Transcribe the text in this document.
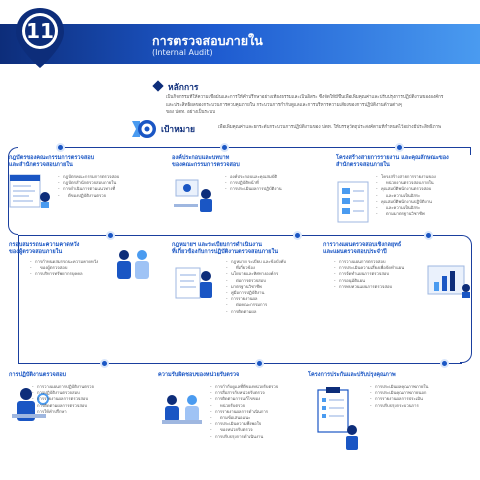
11	การตรวจสอบภายใน
(Internal Audit)
หลักการ
เป็นกิจกรรมที่ให้ความเชื่อมั่นและการให้คำปรึกษาอย่างเที่ยงธรรมและเป็นอิสระ ซึ่งจัดให้มีขึ้นเพื่อเพิ่มคุณค่าและปรับปรุงการปฏิบัติงานขององค์กร
และประสิทธิผลของกระบวนการควบคุมภายใน กระบวนการกำกับดูแลและการบริหารความเสี่ยงของการปฏิบัติงานด้านต่างๆ
ของ ปตท. อย่างเป็นระบบ
เป้าหมาย	เพื่อเพิ่มคุณค่าและยกระดับกระบวนการปฏิบัติงานของ ปตท. ให้บรรลุวัตถุประสงค์ตามที่กำหนดไว้อย่างมีประสิทธิภาพ
กฎบัตรของคณะกรรมการตรวจสอบ
และสำนักตรวจสอบภายใน
- กฎบัตรคณะกรรมการตรวจสอบ
- กฎบัตรสำนักตรวจสอบภายใน
- การดำเนินการตามแนวทางที่
- ดีของปฏิบัติงานตรวจ
องค์ประกอบและบทบาท
ของคณะกรรมการตรวจสอบ
- องค์ประกอบและคุณสมบัติ
- การปฏิบัติหน้าที่
- การประเมินผลการปฏิบัติงาน
โครงสร้างสายการรายงาน และคุณลักษณะของ
สำนักตรวจสอบภายใน
- โครงสร้างสายการรายงานของ
- หน่วยงานตรวจสอบภายใน
- คุณสมบัติพนักงานตรวจสอบ
- และความเป็นอิสระ
- คุณสมบัติพนักงานปฏิบัติงาน
- และความเป็นอิสระ
- ตามมาตรฐานวิชาชีพ
กรอบสมรรถนะความคาดหวัง
ของผู้ตรวจสอบภายใน
- การกำหนดสมรรถนะความคาดหวัง
- ของผู้ตรวจสอบ
- การบริหารทรัพยากรบุคคล
กฎหมายฯ และระเบียบการดำเนินงาน
ที่เกี่ยวข้องกับการปฏิบัติงานตรวจสอบภายใน
- กฎหมาย ระเบียบ และข้อบังคับ
- ที่เกี่ยวข้อง
- นโยบายและทิศทางองค์กร
- ต่อการตรวจสอบ
- มาตรฐานวิชาชีพ
- คู่มือการปฏิบัติงาน
- การรายงานผล
- ต่อคณะกรรมการ
- การติดตามผล
การวางแผนตรวจสอบเชิงกลยุทธ์
และแผนตรวจสอบประจำปี
- การวางแผนการตรวจสอบ
- การประเมินความเสี่ยงเพื่อจัดทำแผน
- การจัดทำแผนการตรวจสอบ
- การอนุมัติแผน
- การทบทวนแผนการตรวจสอบ
การปฏิบัติงานตรวจสอบ
- การวางแผนการปฏิบัติงานตรวจ
- การปฏิบัติงานตรวจสอบ
- การรายงานผลการตรวจสอบ
- การติดตามผลการตรวจสอบ
- การให้คำปรึกษา
ความรับผิดชอบของหน่วยรับตรวจ
- การกำกับดูแลที่ดีของหน่วยรับตรวจ
- การสื่อสารกับหน่วยรับตรวจ
- การติดตามการแก้ไขของ
- หน่วยรับตรวจ
- การรายงานผลการดำเนินการ
- ตามข้อเสนอแนะ
- การประเมินความพึงพอใจ
- ของหน่วยรับตรวจ
- การปรับปรุงการดำเนินงาน
โครงการประกันและปรับปรุงคุณภาพ
- การประเมินผลคุณภาพภายใน
- การประเมินคุณภาพภายนอก
- การรายงานผลการประเมิน
- การปรับปรุงกระบวนการ
